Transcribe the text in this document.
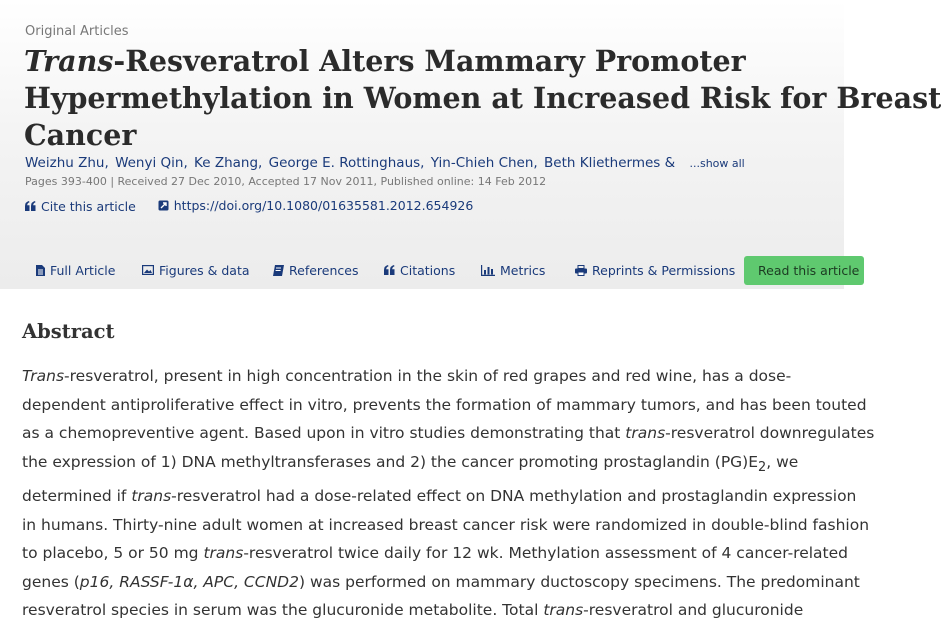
Original Articles
Trans-Resveratrol Alters Mammary Promoter
Hypermethylation in Women at Increased Risk for Breast
Cancer
Weizhu Zhu, Wenyi Qin, Ke Zhang, George E. Rottinghaus, Yin-Chieh Chen, Beth Kliethermes & ...show all
Pages 393-400 | Received 27 Dec 2010, Accepted 17 Nov 2011, Published online: 14 Feb 2012
Cite this article
	https://doi.org/10.1080/01635581.2012.654926
Full Article	Figures & data	References	Citations	Metrics	Reprints & Permissions	Read this article
Abstract
Trans-resveratrol, present in high concentration in the skin of red grapes and red wine, has a dose-
dependent antiproliferative effect in vitro, prevents the formation of mammary tumors, and has been touted
as a chemopreventive agent. Based upon in vitro studies demonstrating that trans-resveratrol downregulates
the expression of 1) DNA methyltransferases and 2) the cancer promoting prostaglandin $(PG)E_2$, we
determined if trans-resveratrol had a dose-related effect on DNA methylation and prostaglandin expression
in humans. Thirty-nine adult women at increased breast cancer risk were randomized in double-blind fashion
to placebo, 5 or 50 mg trans-resveratrol twice daily for 12 wk. Methylation assessment of 4 cancer-related
genes (p16, RASSF-1α, APC, CCND2) was performed on mammary ductoscopy specimens. The predominant
resveratrol species in serum was the glucuronide metabolite. Total trans-resveratrol and glucuronide
